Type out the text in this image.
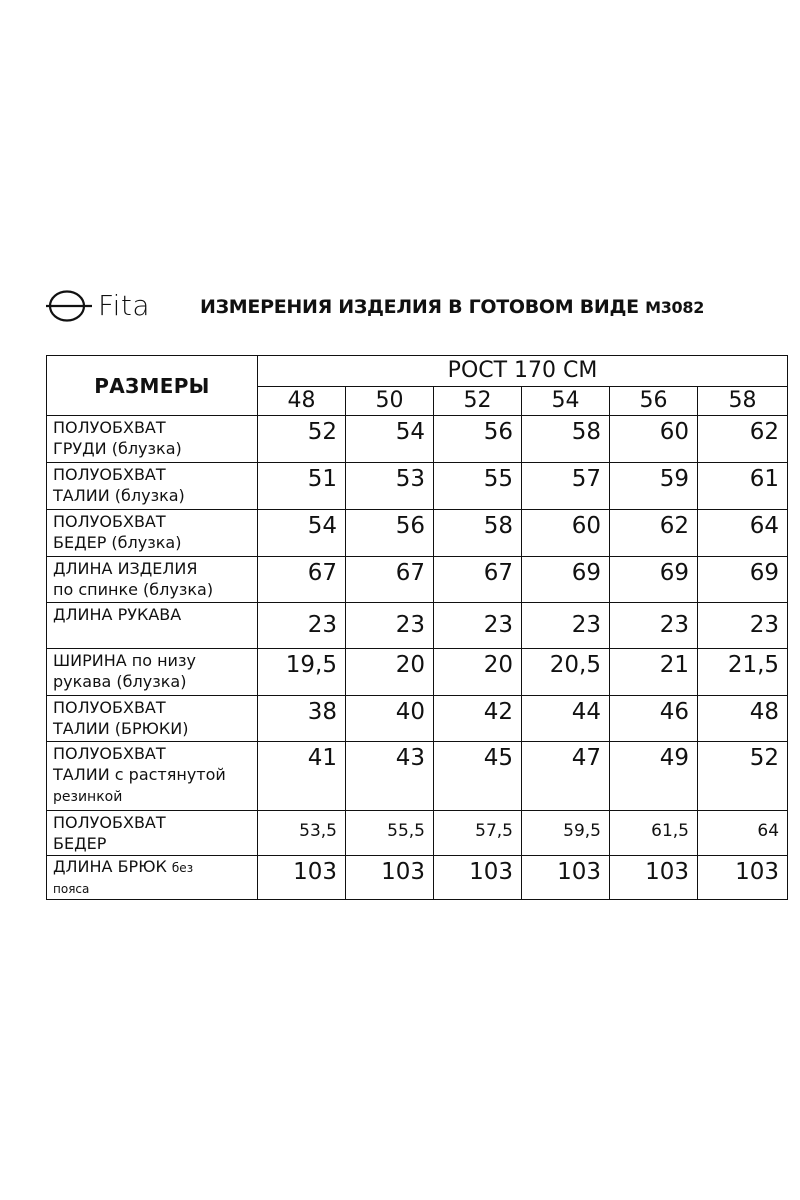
Fita	ИЗМЕРЕНИЯ ИЗДЕЛИЯ В ГОТОВОМ ВИДЕ М3082
РАЗМЕРЫ	РОСТ 170 СМ					
	48	50	52	54	56	58
ПОЛУОБХВАТ
ГРУДИ (блузка)	52	54	56	58	60	62
ПОЛУОБХВАТ
ТАЛИИ (блузка)	51	53	55	57	59	61
ПОЛУОБХВАТ
БЕДЕР (блузка)	54	56	58	60	62	64
ДЛИНА ИЗДЕЛИЯ
по спинке (блузка)	67	67	67	69	69	69
ДЛИНА РУКАВА	23	23	23	23	23	23
ШИРИНА по низу
рукава (блузка)	19,5	20	20	20,5	21	21,5
ПОЛУОБХВАТ
ТАЛИИ (БРЮКИ)	38	40	42	44	46	48
ПОЛУОБХВАТ
ТАЛИИ с растянутой
резинкой	41	43	45	47	49	52
ПОЛУОБХВАТ
БЕДЕР	53,5	55,5	57,5	59,5	61,5	64
ДЛИНА БРЮК без
пояса	103	103	103	103	103	103
